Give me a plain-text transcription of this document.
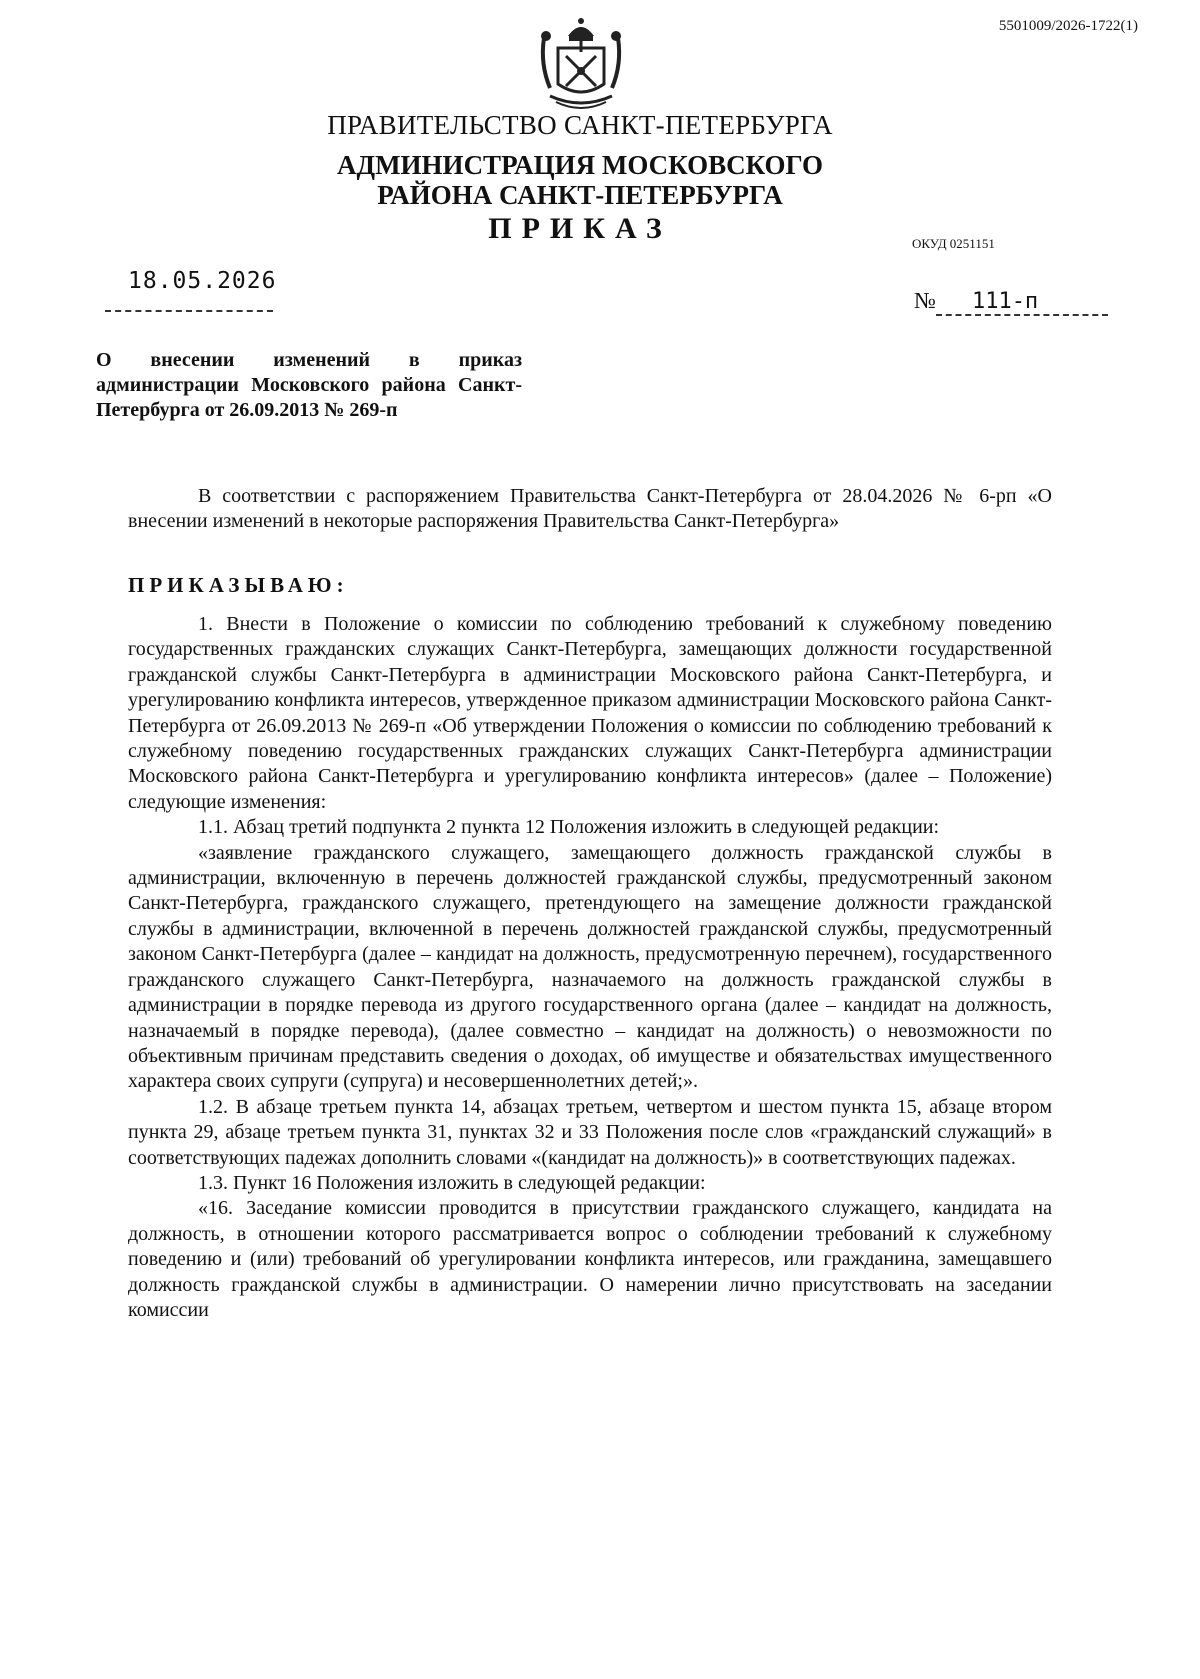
5501009/2026-1722(1)
ПРАВИТЕЛЬСТВО САНКТ-ПЕТЕРБУРГА
АДМИНИСТРАЦИЯ МОСКОВСКОГО
РАЙОНА САНКТ-ПЕТЕРБУРГА
ПРИКАЗ	ОКУД 0251151
18.05.2026
№ 111-п
О внесении изменений в приказ
администрации Московского района Санкт-Петербурга от 26.09.2013 № 269-п

В соответствии с распоряжением Правительства Санкт-Петербурга от 28.04.2026 № 6-рп «О внесении изменений в некоторые распоряжения Правительства Санкт-Петербурга»

ПРИКАЗЫВАЮ:

1. Внести в Положение о комиссии по соблюдению требований к служебному поведению государственных гражданских служащих Санкт-Петербурга, замещающих должности государственной гражданской службы Санкт-Петербурга в администрации Московского района Санкт-Петербурга, и урегулированию конфликта интересов, утвержденное приказом администрации Московского района Санкт-Петербурга от 26.09.2013 № 269-п «Об утверждении Положения о комиссии по соблюдению требований к служебному поведению государственных гражданских служащих Санкт-Петербурга администрации Московского района Санкт-Петербурга и урегулированию конфликта интересов» (далее – Положение) следующие изменения:

1.1. Абзац третий подпункта 2 пункта 12 Положения изложить в следующей редакции:

«заявление гражданского служащего, замещающего должность гражданской службы в администрации, включенную в перечень должностей гражданской службы, предусмотренный законом Санкт-Петербурга, гражданского служащего, претендующего на замещение должности гражданской службы в администрации, включенной в перечень должностей гражданской службы, предусмотренный законом Санкт-Петербурга (далее – кандидат на должность, предусмотренную перечнем), государственного гражданского служащего Санкт-Петербурга, назначаемого на должность гражданской службы в администрации в порядке перевода из другого государственного органа (далее – кандидат на должность, назначаемый в порядке перевода), (далее совместно – кандидат на должность) о невозможности по объективным причинам представить сведения о доходах, об имуществе и обязательствах имущественного характера своих супруги (супруга) и несовершеннолетних детей;».

1.2. В абзаце третьем пункта 14, абзацах третьем, четвертом и шестом пункта 15, абзаце втором пункта 29, абзаце третьем пункта 31, пунктах 32 и 33 Положения после слов «гражданский служащий» в соответствующих падежах дополнить словами «(кандидат на должность)» в соответствующих падежах.

1.3. Пункт 16 Положения изложить в следующей редакции:

«16. Заседание комиссии проводится в присутствии гражданского служащего, кандидата на должность, в отношении которого рассматривается вопрос о соблюдении требований к служебному поведению и (или) требований об урегулировании конфликта интересов, или гражданина, замещавшего должность гражданской службы в администрации. О намерении лично присутствовать на заседании комиссии
